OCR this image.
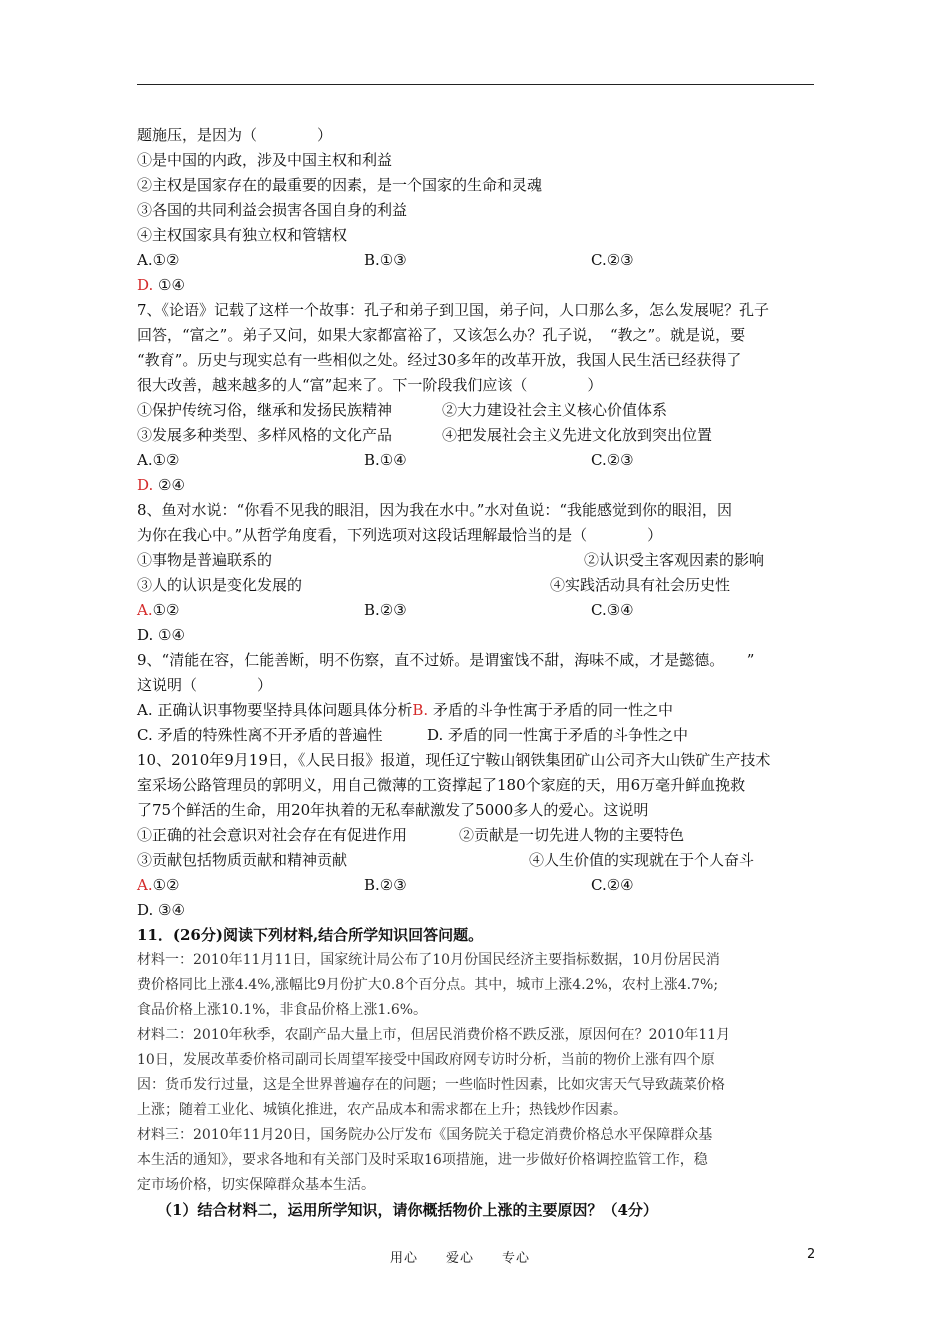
题施压，是因为（　　　　）
①是中国的内政，涉及中国主权和利益
②主权是国家存在的最重要的因素，是一个国家的生命和灵魂
③各国的共同利益会损害各国自身的利益
④主权国家具有独立权和管辖权
A.①②	B.①③	C.②③
D. ①④
7、《论语》记载了这样一个故事：孔子和弟子到卫国，弟子问，人口那么多，怎么发展呢？孔子
回答，“富之”。弟子又问，如果大家都富裕了，又该怎么办？孔子说，　“教之”。就是说，要
“教育”。历史与现实总有一些相似之处。经过30多年的改革开放，我国人民生活已经获得了
很大改善，越来越多的人“富”起来了。下一阶段我们应该（　　　　）
①保护传统习俗，继承和发扬民族精神	②大力建设社会主义核心价值体系
③发展多种类型、多样风格的文化产品	④把发展社会主义先进文化放到突出位置
A.①②	B.①④	C.②③
D. ②④
8、鱼对水说：“你看不见我的眼泪，因为我在水中。”水对鱼说：“我能感觉到你的眼泪，因
为你在我心中。”从哲学角度看，下列选项对这段话理解最恰当的是（　　　　）
①事物是普遍联系的	②认识受主客观因素的影响
③人的认识是变化发展的	④实践活动具有社会历史性
A.①②	B.②③	C.③④
D. ①④
9、“清能在容，仁能善断，明不伤察，直不过娇。是谓蜜饯不甜，海味不咸，才是懿德。　　”
这说明（　　　　）
A. 正确认识事物要坚持具体问题具体分析B. 矛盾的斗争性寓于矛盾的同一性之中
C. 矛盾的特殊性离不开矛盾的普遍性	D. 矛盾的同一性寓于矛盾的斗争性之中
10、2010年9月19日，《人民日报》报道，现任辽宁鞍山钢铁集团矿山公司齐大山铁矿生产技术
室采场公路管理员的郭明义，用自己微薄的工资撑起了180个家庭的天，用6万毫升鲜血挽救
了75个鲜活的生命，用20年执着的无私奉献激发了5000多人的爱心。这说明
①正确的社会意识对社会存在有促进作用	②贡献是一切先进人物的主要特色
③贡献包括物质贡献和精神贡献	④人生价值的实现就在于个人奋斗
A.①②	B.②③	C.②④
D. ③④
11．(26分)阅读下列材料,结合所学知识回答问题。
材料一：2010年11月11日，国家统计局公布了10月份国民经济主要指标数据，10月份居民消
费价格同比上涨4.4%,涨幅比9月份扩大0.8个百分点。其中，城市上涨4.2%，农村上涨4.7%;
食品价格上涨10.1%，非食品价格上涨1.6%。
材料二：2010年秋季，农副产品大量上市，但居民消费价格不跌反涨，原因何在？2010年11月
10日，发展改革委价格司副司长周望军接受中国政府网专访时分析，当前的物价上涨有四个原
因：货币发行过量，这是全世界普遍存在的问题；一些临时性因素，比如灾害天气导致蔬菜价格
上涨；随着工业化、城镇化推进，农产品成本和需求都在上升；热钱炒作因素。
材料三：2010年11月20日，国务院办公厅发布《国务院关于稳定消费价格总水平保障群众基
本生活的通知》，要求各地和有关部门及时采取16项措施，进一步做好价格调控监管工作，稳
定市场价格，切实保障群众基本生活。
（1）结合材料二，运用所学知识，请你概括物价上涨的主要原因？（4分）
用心　　爱心　　专心	2
